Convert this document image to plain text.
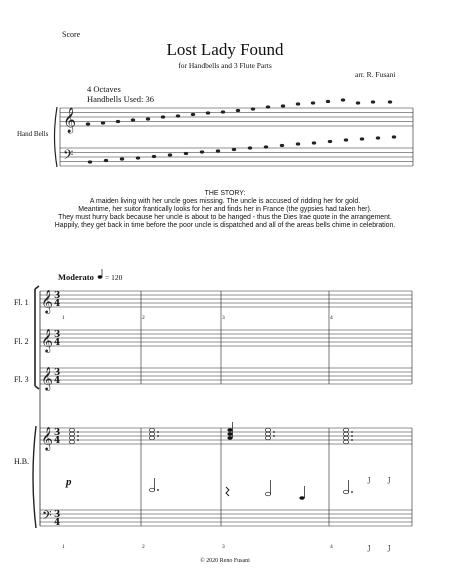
Score
Lost Lady Found
for Handbells and 3 Flute Parts
arr. R. Fusani
4 Octaves
Handbells Used: 36
Hand Bells
THE STORY:
A maiden living with her uncle goes missing. The uncle is accused of ridding her for gold.
Meantime, her suitor frantically looks for her and finds her in France (the gypsies had taken her).
They must hurry back because her uncle is about to be hanged - thus the Dies Irae quote in the arrangement.
Happily, they get back in time before the poor uncle is dispatched and all of the areas bells chime in celebration.
Moderato = 120
Fl. 1
Fl. 2
Fl. 3
H.B.
1	2	3	4
1	2	3	4
p
© 2020 Reno Fusani
𝄞
𝄢
𝄞
𝄞
𝄞
𝄞
𝄢
3
4
3
4
3
4
3
4
3
4
J	J
J	J
